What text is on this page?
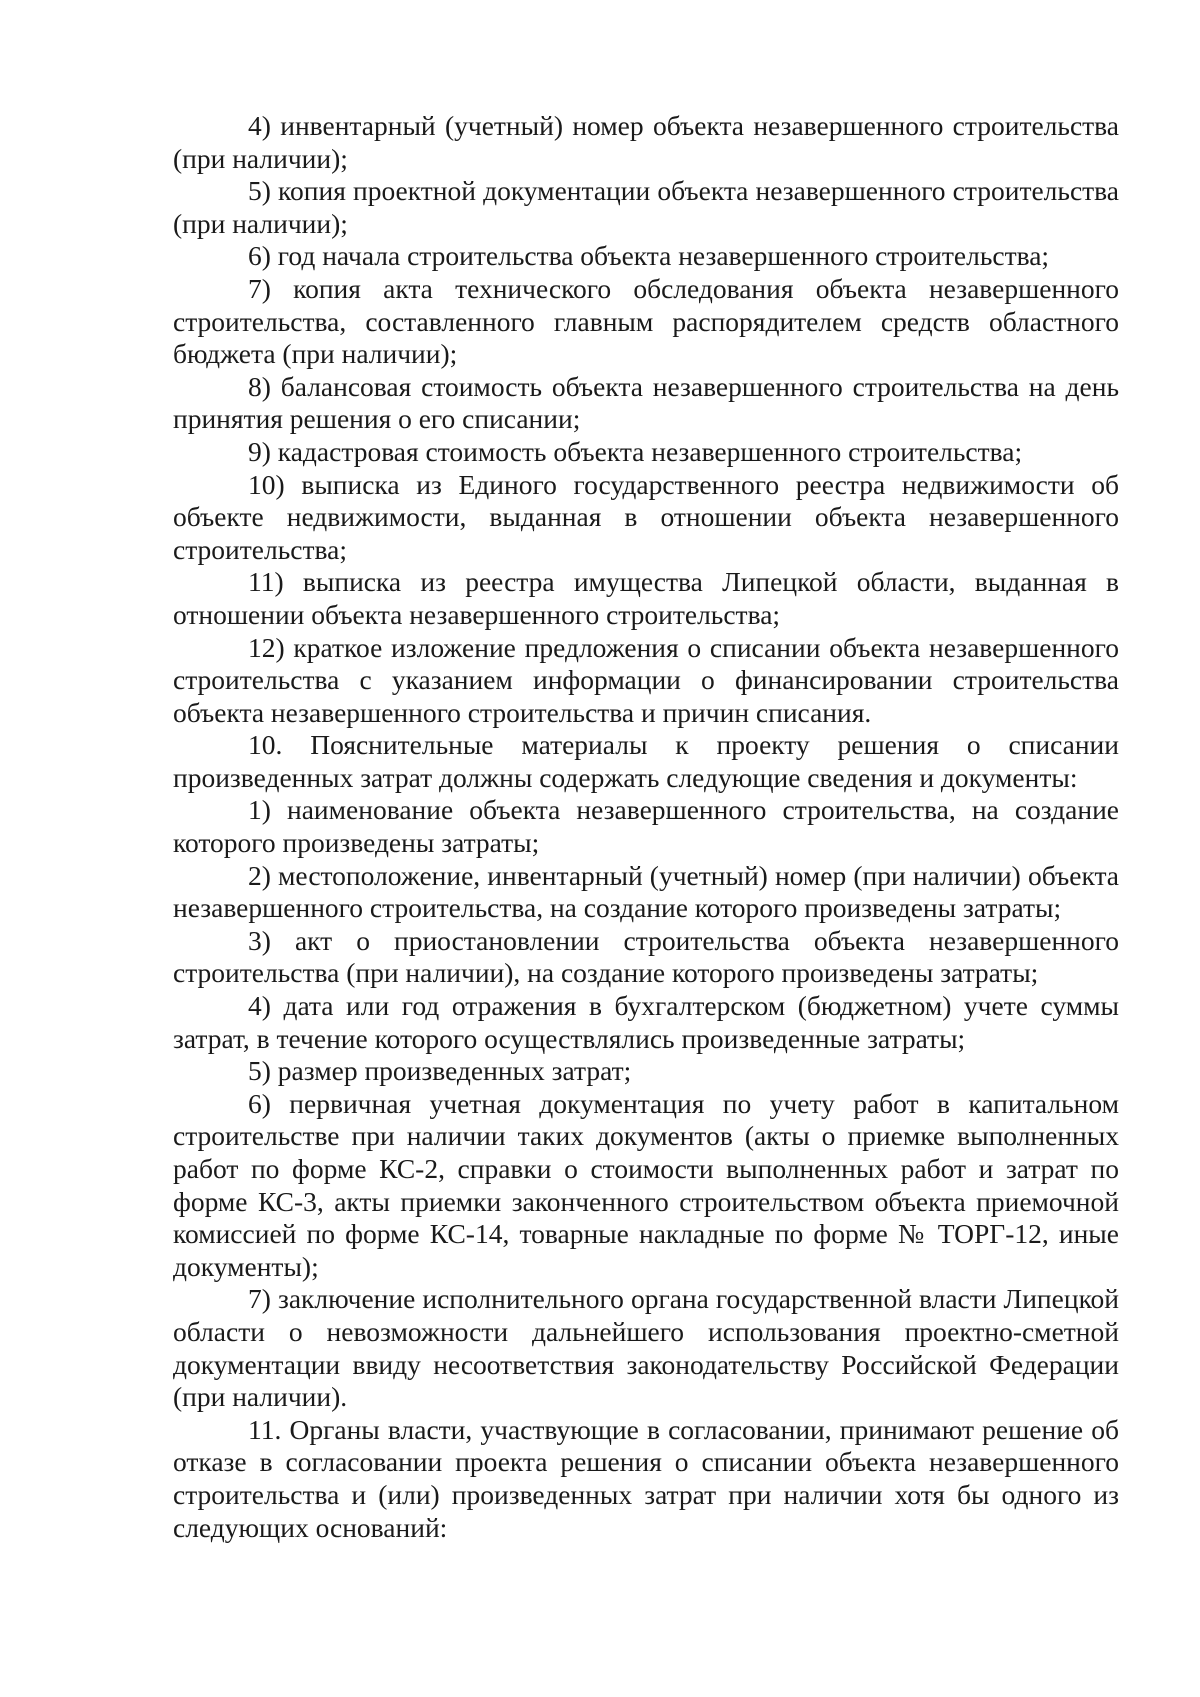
4) инвентарный (учетный) номер объекта незавершенного строительства (при наличии);

5) копия проектной документации объекта незавершенного строительства (при наличии);

6) год начала строительства объекта незавершенного строительства;

7) копия акта технического обследования объекта незавершенного строительства, составленного главным распорядителем средств областного бюджета (при наличии);

8) балансовая стоимость объекта незавершенного строительства на день принятия решения о его списании;

9) кадастровая стоимость объекта незавершенного строительства;

10) выписка из Единого государственного реестра недвижимости об объекте недвижимости, выданная в отношении объекта незавершенного строительства;

11) выписка из реестра имущества Липецкой области, выданная в отношении объекта незавершенного строительства;

12) краткое изложение предложения о списании объекта незавершенного строительства с указанием информации о финансировании строительства объекта незавершенного строительства и причин списания.

10. Пояснительные материалы к проекту решения о списании произведенных затрат должны содержать следующие сведения и документы:

1) наименование объекта незавершенного строительства, на создание которого произведены затраты;

2) местоположение, инвентарный (учетный) номер (при наличии) объекта незавершенного строительства, на создание которого произведены затраты;

3) акт о приостановлении строительства объекта незавершенного строительства (при наличии), на создание которого произведены затраты;

4) дата или год отражения в бухгалтерском (бюджетном) учете суммы затрат, в течение которого осуществлялись произведенные затраты;

5) размер произведенных затрат;

6) первичная учетная документация по учету работ в капитальном строительстве при наличии таких документов (акты о приемке выполненных работ по форме КС-2, справки о стоимости выполненных работ и затрат по форме КС-3, акты приемки законченного строительством объекта приемочной комиссией по форме КС-14, товарные накладные по форме № ТОРГ-12, иные документы);

7) заключение исполнительного органа государственной власти Липецкой области о невозможности дальнейшего использования проектно-сметной документации ввиду несоответствия законодательству Российской Федерации (при наличии).

11. Органы власти, участвующие в согласовании, принимают решение об отказе в согласовании проекта решения о списании объекта незавершенного строительства и (или) произведенных затрат при наличии хотя бы одного из следующих оснований:
